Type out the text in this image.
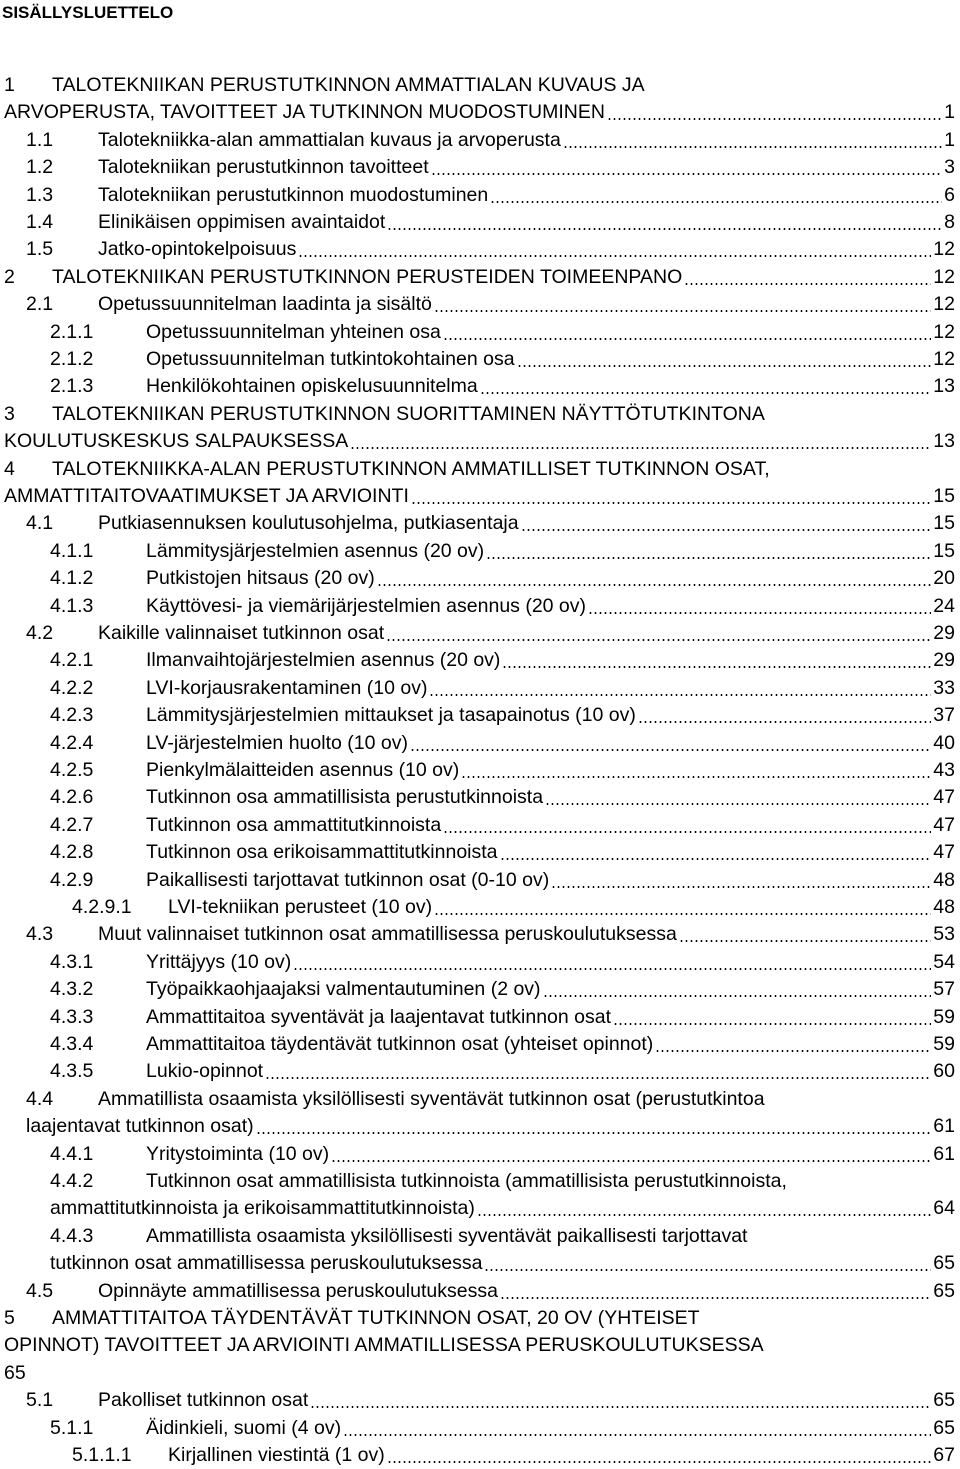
SISÄLLYSLUETTELO
1 TALOTEKNIIKAN PERUSTUTKINNON AMMATTIALAN KUVAUS JA
ARVOPERUSTA, TAVOITTEET JA TUTKINNON MUODOSTUMINEN	1
1.1 Talotekniikka-alan ammattialan kuvaus ja arvoperusta	1
1.2 Talotekniikan perustutkinnon tavoitteet	3
1.3 Talotekniikan perustutkinnon muodostuminen	6
1.4 Elinikäisen oppimisen avaintaidot	8
1.5 Jatko-opintokelpoisuus	12
2 TALOTEKNIIKAN PERUSTUTKINNON PERUSTEIDEN TOIMEENPANO	12
2.1 Opetussuunnitelman laadinta ja sisältö	12
2.1.1	Opetussuunnitelman yhteinen osa	12
2.1.2	Opetussuunnitelman tutkintokohtainen osa	12
2.1.3	Henkilökohtainen opiskelusuunnitelma	13
3 TALOTEKNIIKAN PERUSTUTKINNON SUORITTAMINEN NÄYTTÖTUTKINTONA
KOULUTUSKESKUS SALPAUKSESSA	13
4 TALOTEKNIIKKA-ALAN PERUSTUTKINNON AMMATILLISET TUTKINNON OSAT,
AMMATTITAITOVAATIMUKSET JA ARVIOINTI	15
4.1 Putkiasennuksen koulutusohjelma, putkiasentaja	15
4.1.1	Lämmitysjärjestelmien asennus (20 ov)	15
4.1.2	Putkistojen hitsaus (20 ov)	20
4.1.3	Käyttövesi- ja viemärijärjestelmien asennus (20 ov)	24
4.2 Kaikille valinnaiset tutkinnon osat	29
4.2.1	Ilmanvaihtojärjestelmien asennus (20 ov)	29
4.2.2	LVI-korjausrakentaminen (10 ov)	33
4.2.3	Lämmitysjärjestelmien mittaukset ja tasapainotus (10 ov)	37
4.2.4	LV-järjestelmien huolto (10 ov)	40
4.2.5	Pienkylmälaitteiden asennus (10 ov)	43
4.2.6	Tutkinnon osa ammatillisista perustutkinnoista	47
4.2.7	Tutkinnon osa ammattitutkinnoista	47
4.2.8	Tutkinnon osa erikoisammattitutkinnoista	47
4.2.9	Paikallisesti tarjottavat tutkinnon osat (0-10 ov)	48
4.2.9.1 LVI-tekniikan perusteet (10 ov)	48
4.3 Muut valinnaiset tutkinnon osat ammatillisessa peruskoulutuksessa	53
4.3.1	Yrittäjyys (10 ov)	54
4.3.2	Työpaikkaohjaajaksi valmentautuminen (2 ov)	57
4.3.3	Ammattitaitoa syventävät ja laajentavat tutkinnon osat	59
4.3.4	Ammattitaitoa täydentävät tutkinnon osat (yhteiset opinnot)	59
4.3.5	Lukio-opinnot	60
4.4 Ammatillista osaamista yksilöllisesti syventävät tutkinnon osat (perustutkintoa
laajentavat tutkinnon osat)	61
4.4.1	Yritystoiminta (10 ov)	61
4.4.2	Tutkinnon osat ammatillisista tutkinnoista (ammatillisista perustutkinnoista,
ammattitutkinnoista ja erikoisammattitutkinnoista)	64
4.4.3	Ammatillista osaamista yksilöllisesti syventävät paikallisesti tarjottavat
tutkinnon osat ammatillisessa peruskoulutuksessa	65
4.5 Opinnäyte ammatillisessa peruskoulutuksessa	65
5 AMMATTITAITOA TÄYDENTÄVÄT TUTKINNON OSAT, 20 OV (YHTEISET
OPINNOT) TAVOITTEET JA ARVIOINTI AMMATILLISESSA PERUSKOULUTUKSESSA
65
5.1 Pakolliset tutkinnon osat	65
5.1.1	Äidinkieli, suomi (4 ov)	65
5.1.1.1 Kirjallinen viestintä (1 ov)	67
